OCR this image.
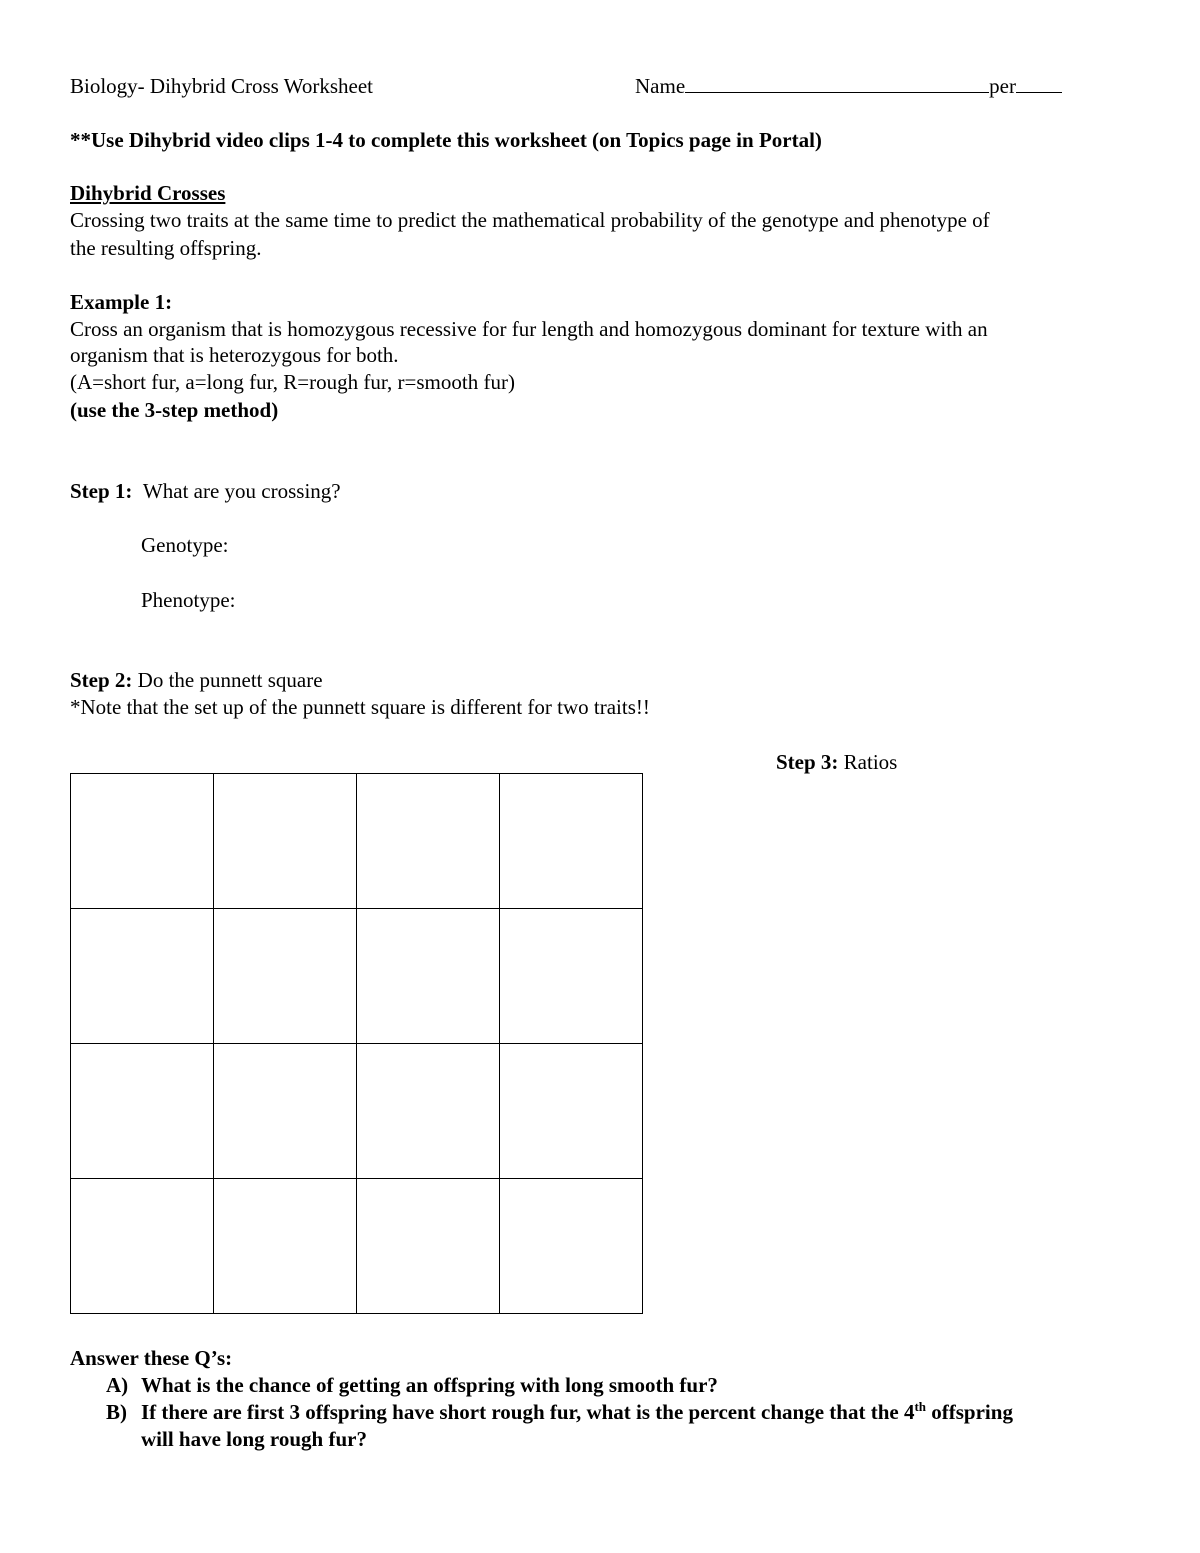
Biology- Dihybrid Cross Worksheet	Name	per
**Use Dihybrid video clips 1-4 to complete this worksheet (on Topics page in Portal)
Dihybrid Crosses
Crossing two traits at the same time to predict the mathematical probability of the genotype and phenotype of
the resulting offspring.
Example 1:
Cross an organism that is homozygous recessive for fur length and homozygous dominant for texture with an
organism that is heterozygous for both.
(A=short fur, a=long fur, R=rough fur, r=smooth fur)
(use the 3-step method)
Step 1: What are you crossing?
Genotype:
Phenotype:
Step 2: Do the punnett square
*Note that the set up of the punnett square is different for two traits!!
Step 3: Ratios

Answer these Q’s:
A) What is the chance of getting an offspring with long smooth fur?
B) If there are first 3 offspring have short rough fur, what is the percent change that the 4th offspring
will have long rough fur?
